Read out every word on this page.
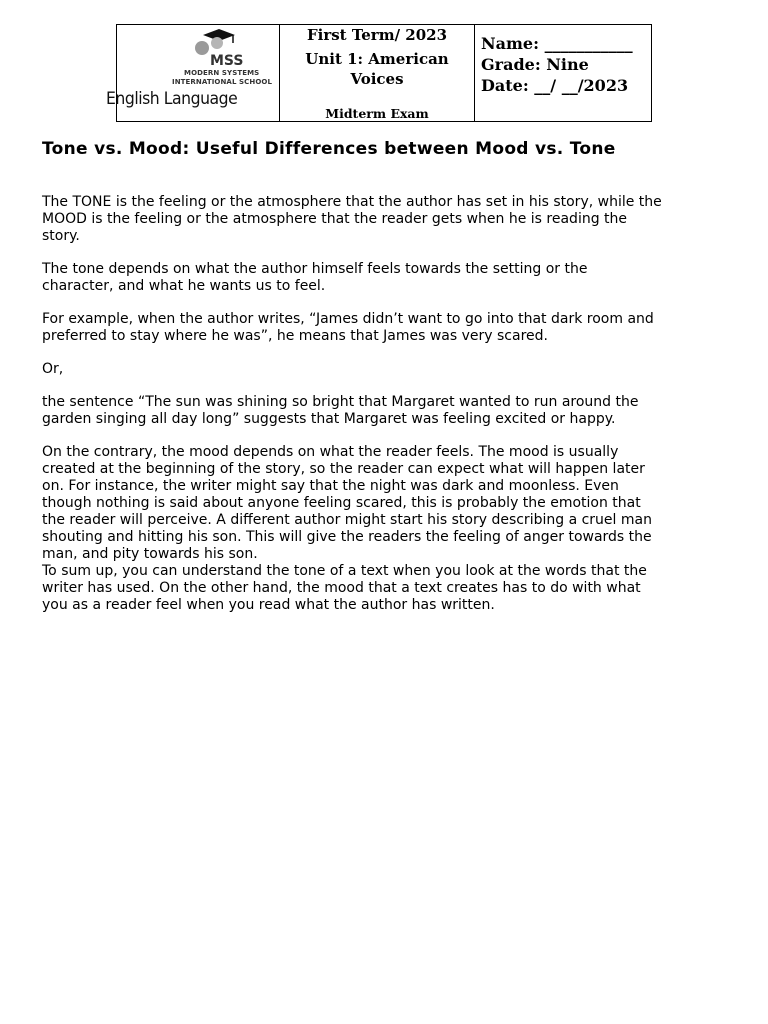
MSS
MODERN SYSTEMS
INTERNATIONAL SCHOOL
English Language
First Term/ 2023
Unit 1: American Voices
Midterm Exam
Name: ___________
Grade: Nine
Date: __/ __/2023
Tone vs. Mood: Useful Differences between Mood vs. Tone

The TONE is the feeling or the atmosphere that the author has set in his story, while the MOOD is the feeling or the atmosphere that the reader gets when he is reading the story.

The tone depends on what the author himself feels towards the setting or the character, and what he wants us to feel.

For example, when the author writes, “James didn’t want to go into that dark room and preferred to stay where he was”, he means that James was very scared.

Or,

the sentence “The sun was shining so bright that Margaret wanted to run around the garden singing all day long” suggests that Margaret was feeling excited or happy.

On the contrary, the mood depends on what the reader feels. The mood is usually created at the beginning of the story, so the reader can expect what will happen later on. For instance, the writer might say that the night was dark and moonless. Even though nothing is said about anyone feeling scared, this is probably the emotion that the reader will perceive. A different author might start his story describing a cruel man shouting and hitting his son. This will give the readers the feeling of anger towards the man, and pity towards his son.

To sum up, you can understand the tone of a text when you look at the words that the writer has used. On the other hand, the mood that a text creates has to do with what you as a reader feel when you read what the author has written.
